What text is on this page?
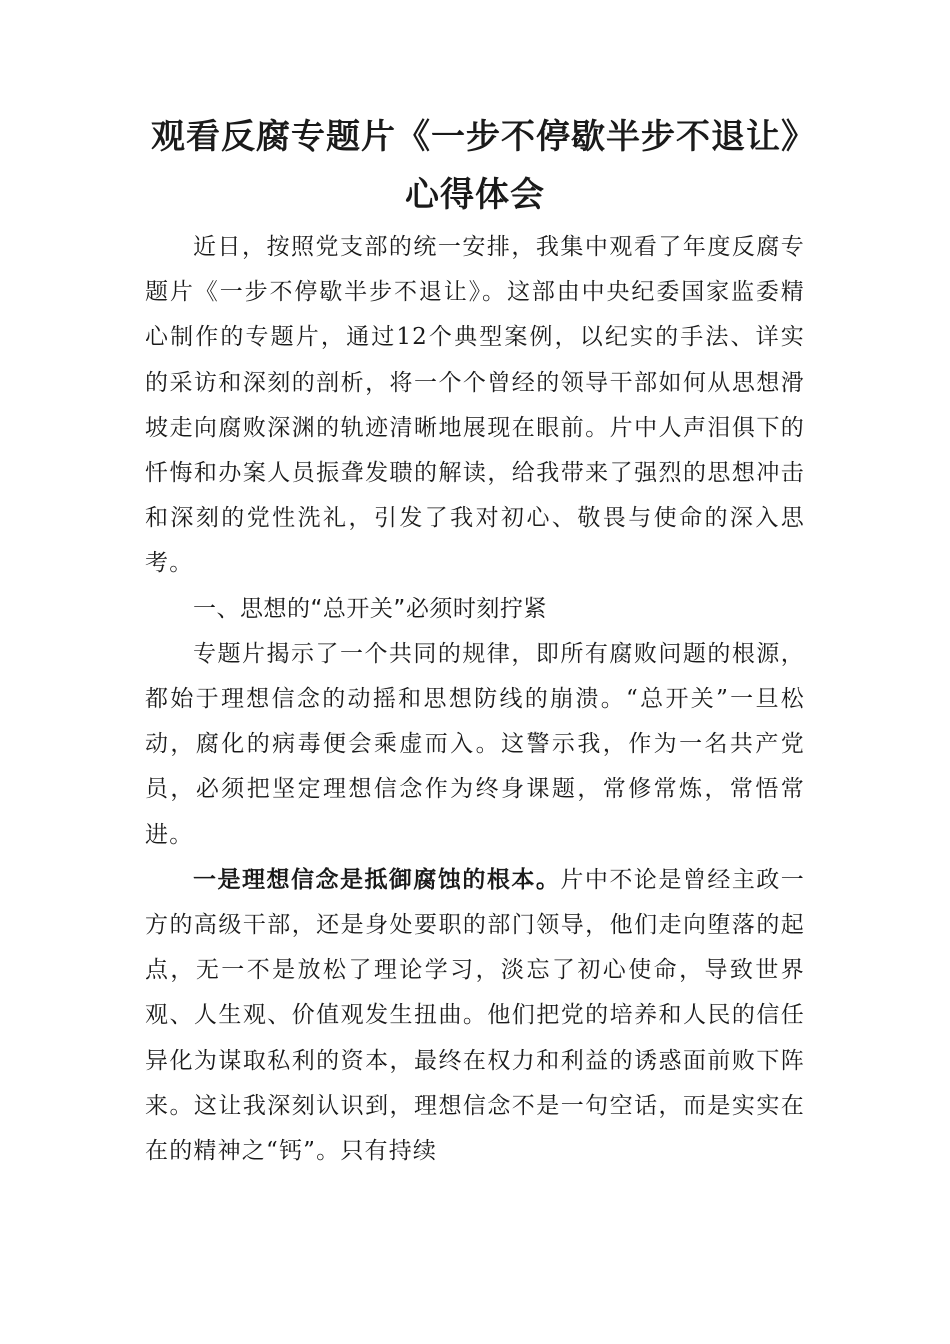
观看反腐专题片《一步不停歇半步不退让》心得体会

近日，按照党支部的统一安排，我集中观看了年度反腐专题片《一步不停歇半步不退让》。这部由中央纪委国家监委精心制作的专题片，通过12个典型案例，以纪实的手法、详实的采访和深刻的剖析，将一个个曾经的领导干部如何从思想滑坡走向腐败深渊的轨迹清晰地展现在眼前。片中人声泪俱下的忏悔和办案人员振聋发聩的解读，给我带来了强烈的思想冲击和深刻的党性洗礼，引发了我对初心、敬畏与使命的深入思考。

一、思想的“总开关”必须时刻拧紧

专题片揭示了一个共同的规律，即所有腐败问题的根源，都始于理想信念的动摇和思想防线的崩溃。“总开关”一旦松动，腐化的病毒便会乘虚而入。这警示我，作为一名共产党员，必须把坚定理想信念作为终身课题，常修常炼，常悟常进。

一是理想信念是抵御腐蚀的根本。片中不论是曾经主政一方的高级干部，还是身处要职的部门领导，他们走向堕落的起点，无一不是放松了理论学习，淡忘了初心使命，导致世界观、人生观、价值观发生扭曲。他们把党的培养和人民的信任异化为谋取私利的资本，最终在权力和利益的诱惑面前败下阵来。这让我深刻认识到，理想信念不是一句空话，而是实实在在的精神之“钙”。只有持续
